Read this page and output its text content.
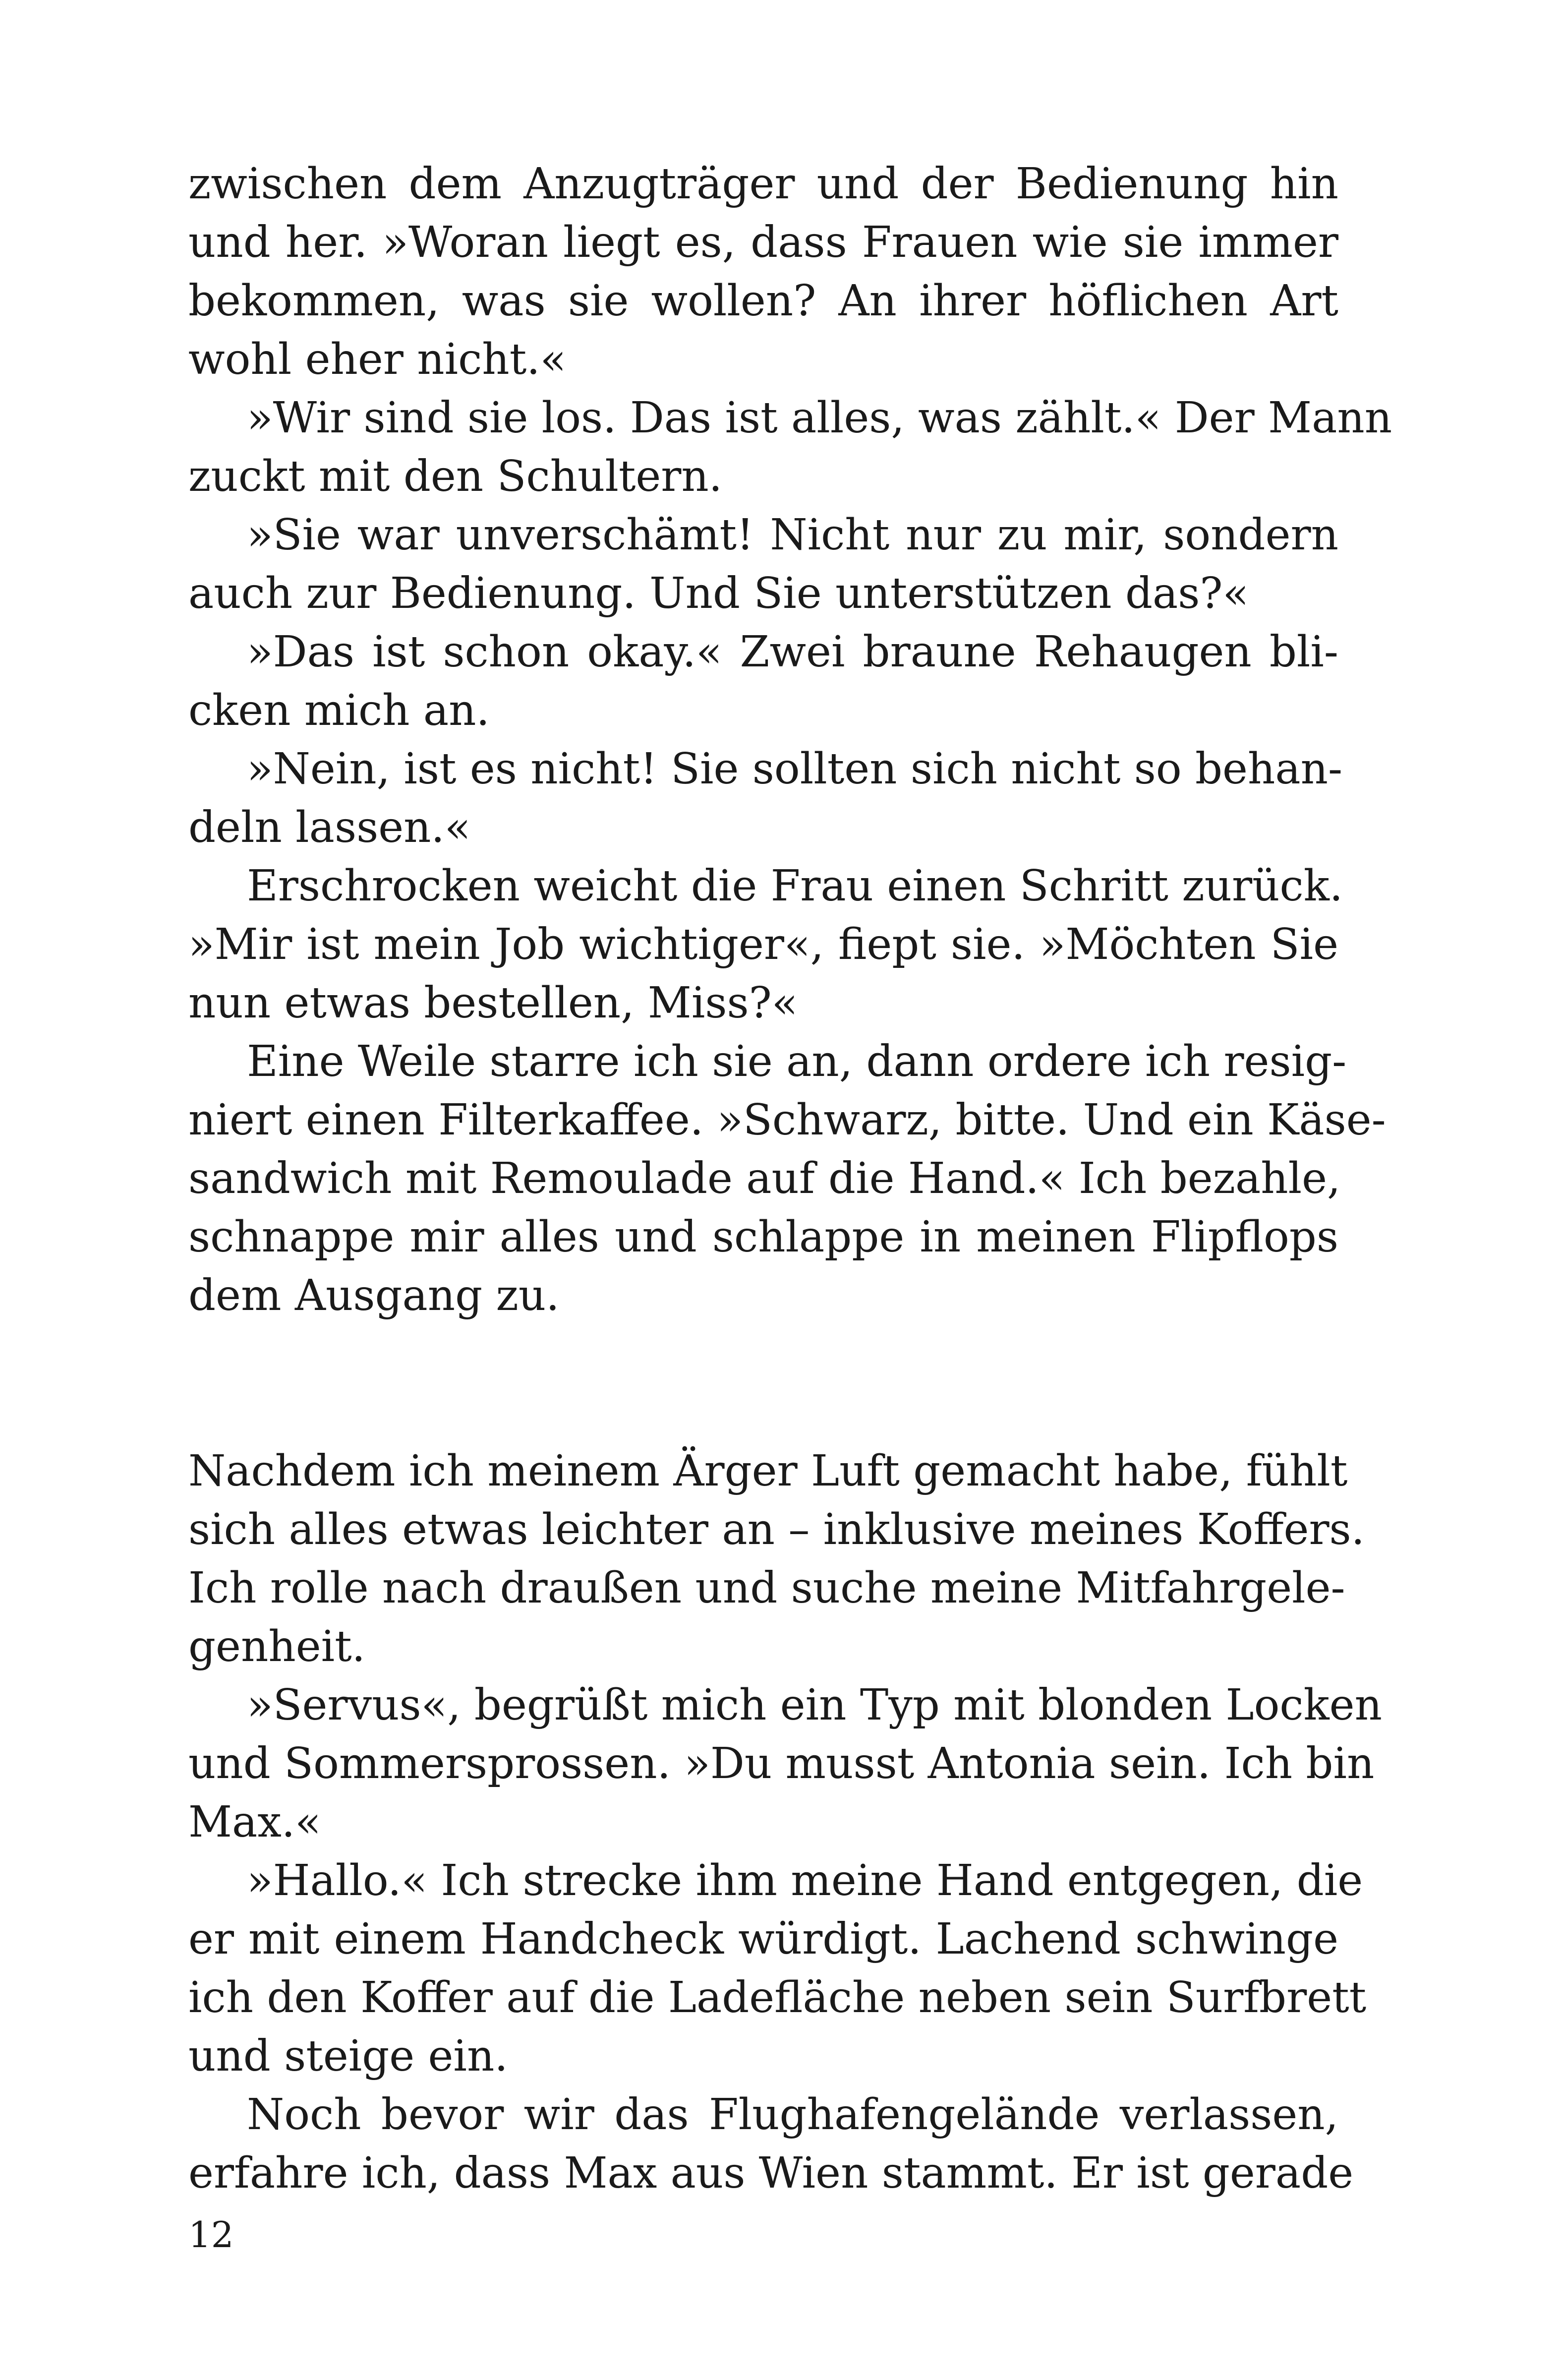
zwischen dem Anzugträger und der Bedienung hin
und her. »Woran liegt es, dass Frauen wie sie immer
bekommen, was sie wollen? An ihrer höflichen Art
wohl eher nicht.«
»Wir sind sie los. Das ist alles, was zählt.« Der Mann
zuckt mit den Schultern.
»Sie war unverschämt! Nicht nur zu mir, sondern
auch zur Bedienung. Und Sie unterstützen das?«
»Das ist schon okay.« Zwei braune Rehaugen bli-
cken mich an.
»Nein, ist es nicht! Sie sollten sich nicht so behan-
deln lassen.«
Erschrocken weicht die Frau einen Schritt zurück.
»Mir ist mein Job wichtiger«, fiept sie. »Möchten Sie
nun etwas bestellen, Miss?«
Eine Weile starre ich sie an, dann ordere ich resig-
niert einen Filterkaffee. »Schwarz, bitte. Und ein Käse-
sandwich mit Remoulade auf die Hand.« Ich bezahle,
schnappe mir alles und schlappe in meinen Flipflops
dem Ausgang zu.
Nachdem ich meinem Ärger Luft gemacht habe, fühlt
sich alles etwas leichter an – inklusive meines Koffers.
Ich rolle nach draußen und suche meine Mitfahrgele-
genheit.
»Servus«, begrüßt mich ein Typ mit blonden Locken
und Sommersprossen. »Du musst Antonia sein. Ich bin
Max.«
»Hallo.« Ich strecke ihm meine Hand entgegen, die
er mit einem Handcheck würdigt. Lachend schwinge
ich den Koffer auf die Ladefläche neben sein Surfbrett
und steige ein.
Noch bevor wir das Flughafengelände verlassen,
erfahre ich, dass Max aus Wien stammt. Er ist gerade
12
